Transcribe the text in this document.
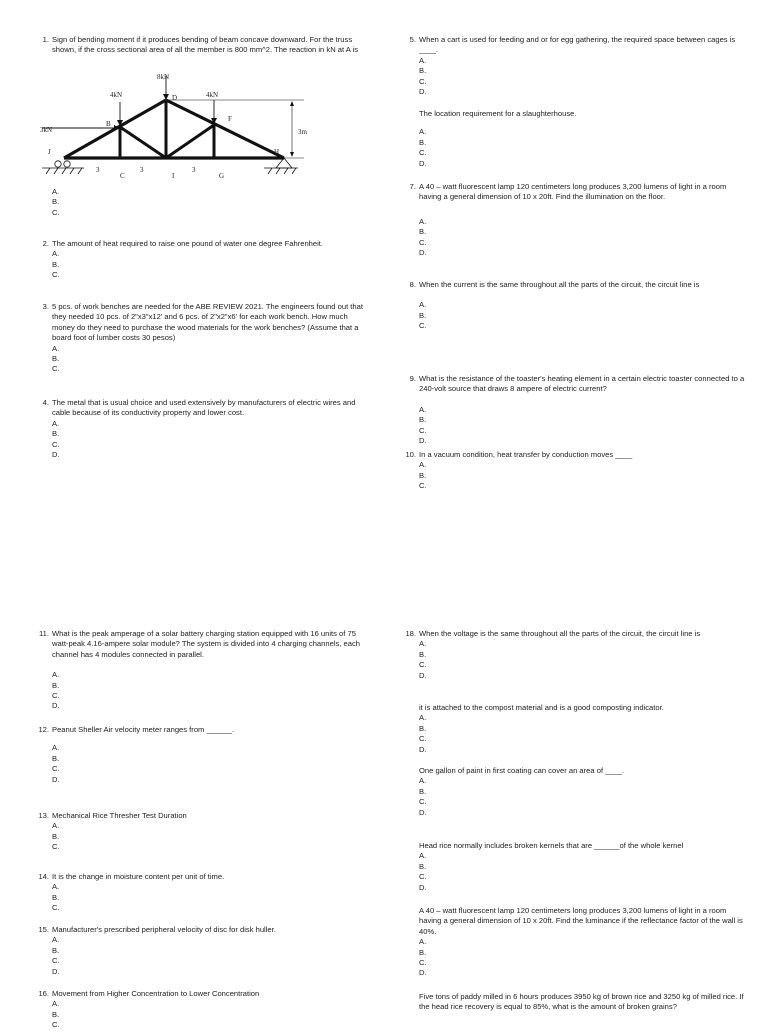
1. Sign of bending moment if it produces bending of beam concave downward. For the truss shown, if the cross sectional area of all the member is 800 mm^2. The reaction in kN at A is
8kN
4kN	4kN
3kN
B
D
F
H
I	G
C
3m
J
3	3	3
A.
B.
C.
2. The amount of heat required to raise one pound of water one degree Fahrenheit.
A.
B.
C.
3. 5 pcs. of work benches are needed for the ABE REVIEW 2021. The engineers found out that they needed 10 pcs. of 2"x3"x12' and 6 pcs. of 2"x2"x6' for each work bench. How much money do they need to purchase the wood materials for the work benches? (Assume that a board foot of lumber costs 30 pesos)
A.
B.
C.
4. The metal that is usual choice and used extensively by manufacturers of electric wires and cable because of its conductivity property and lower cost.
A.
B.
C.
D.
5. When a cart is used for feeding and or for egg gathering, the required space between cages is ____.
A.
B.
C.
D.
The location requirement for a slaughterhouse.
A.
B.
C.
D.
7. A 40 – watt fluorescent lamp 120 centimeters long produces 3,200 lumens of light in a room having a general dimension of 10 x 20ft. Find the illumination on the floor.
A.
B.
C.
D.
8. When the current is the same throughout all the parts of the circuit, the circuit line is
A.
B.
C.
9. What is the resistance of the toaster's heating element in a certain electric toaster connected to a 240-volt source that draws 8 ampere of electric current?
A.
B.
C.
D.
10. In a vacuum condition, heat transfer by conduction moves ____
A.
B.
C.
11. What is the peak amperage of a solar battery charging station equipped with 16 units of 75 watt-peak 4.16-ampere solar module? The system is divided into 4 charging channels, each channel has 4 modules connected in parallel.
A.
B.
C.
D.
12. Peanut Sheller Air velocity meter ranges from ______.
A.
B.
C.
D.
13. Mechanical Rice Thresher Test Duration
A.
B.
C.
14. It is the change in moisture content per unit of time.
A.
B.
C.
15. Manufacturer's prescribed peripheral velocity of disc for disk huller.
A.
B.
C.
D.
16. Movement from Higher Concentration to Lower Concentration
A.
B.
C.
18. When the voltage is the same throughout all the parts of the circuit, the circuit line is
A.
B.
C.
D.
it is attached to the compost material and is a good composting indicator.
A.
B.
C.
D.
One gallon of paint in first coating can cover an area of ____.
A.
B.
C.
D.
Head rice normally includes broken kernels that are ______of the whole kernel
A.
B.
C.
D.
A 40 – watt fluorescent lamp 120 centimeters long produces 3,200 lumens of light in a room having a general dimension of 10 x 20ft. Find the luminance if the reflectance factor of the wall is 40%.
A.
B.
C.
D.
Five tons of paddy milled in 6 hours produces 3950 kg of brown rice and 3250 kg of milled rice. If the head rice recovery is equal to 85%, what is the amount of broken grains?
